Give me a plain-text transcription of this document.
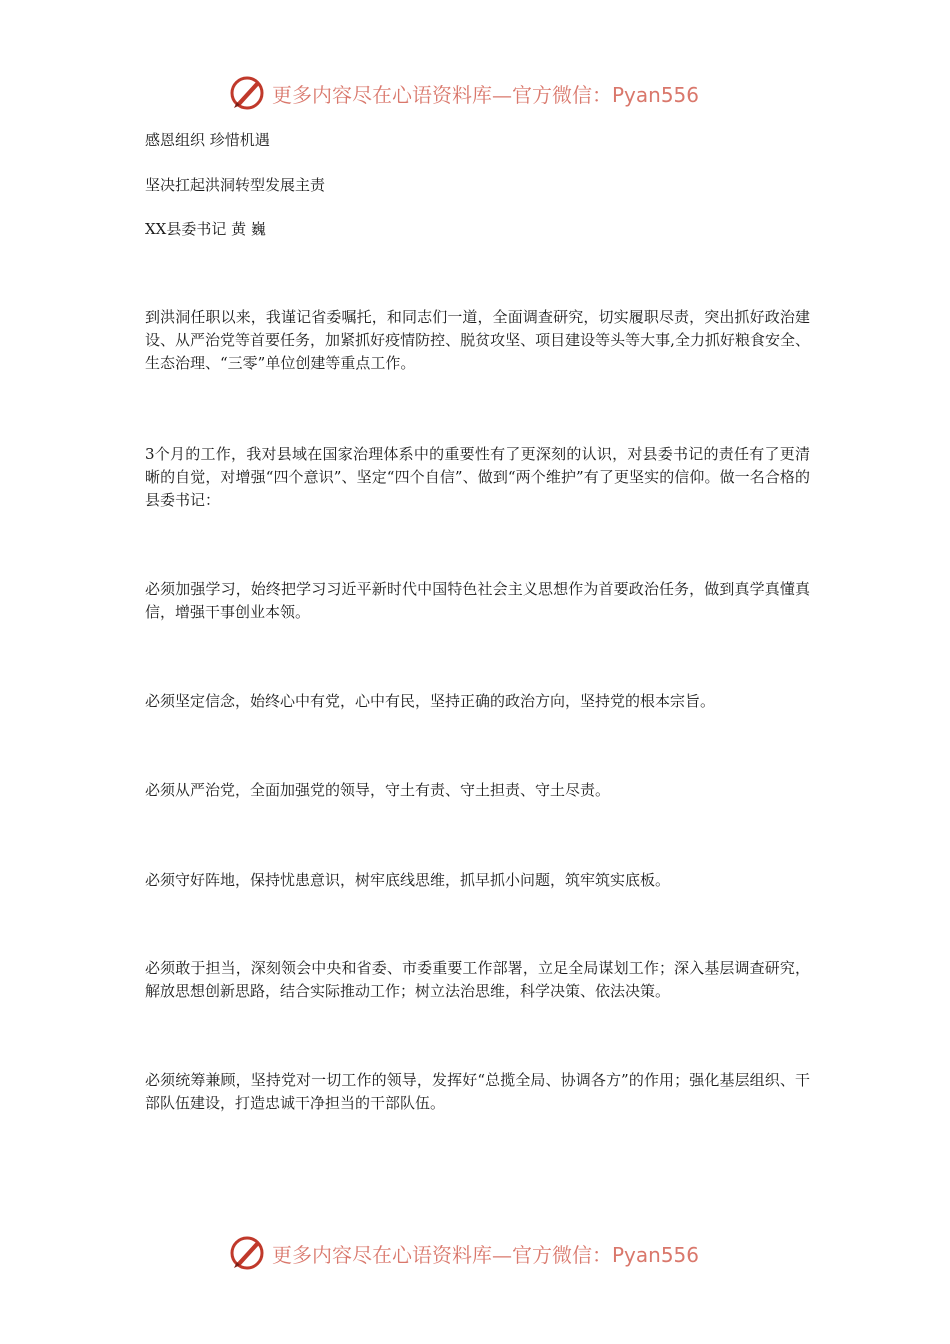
更多内容尽在心语资料库— 官方微信：Pyan556

感恩组织 珍惜机遇

坚决扛起洪洞转型发展主责

XX县委书记 黄 巍

到洪洞任职以来，我谨记省委嘱托，和同志们一道，全面调查研究，切实履职尽责，突出抓好政治建设、从严治党等首要任务，加紧抓好疫情防控、脱贫攻坚、项目建设等头等大事,全力抓好粮食安全、生态治理、“三零”单位创建等重点工作。

3个月的工作，我对县域在国家治理体系中的重要性有了更深刻的认识，对县委书记的责任有了更清晰的自觉，对增强“四个意识”、坚定“四个自信”、做到“两个维护”有了更坚实的信仰。做一名合格的县委书记：

必须加强学习，始终把学习习近平新时代中国特色社会主义思想作为首要政治任务，做到真学真懂真信，增强干事创业本领。

必须坚定信念，始终心中有党，心中有民，坚持正确的政治方向，坚持党的根本宗旨。

必须从严治党，全面加强党的领导，守土有责、守土担责、守土尽责。

必须守好阵地，保持忧患意识，树牢底线思维，抓早抓小问题，筑牢筑实底板。

必须敢于担当，深刻领会中央和省委、市委重要工作部署，立足全局谋划工作；深入基层调查研究，解放思想创新思路，结合实际推动工作；树立法治思维，科学决策、依法决策。

必须统筹兼顾，坚持党对一切工作的领导，发挥好“总揽全局、协调各方”的作用；强化基层组织、干部队伍建设，打造忠诚干净担当的干部队伍。

更多内容尽在心语资料库— 官方微信：Pyan556
